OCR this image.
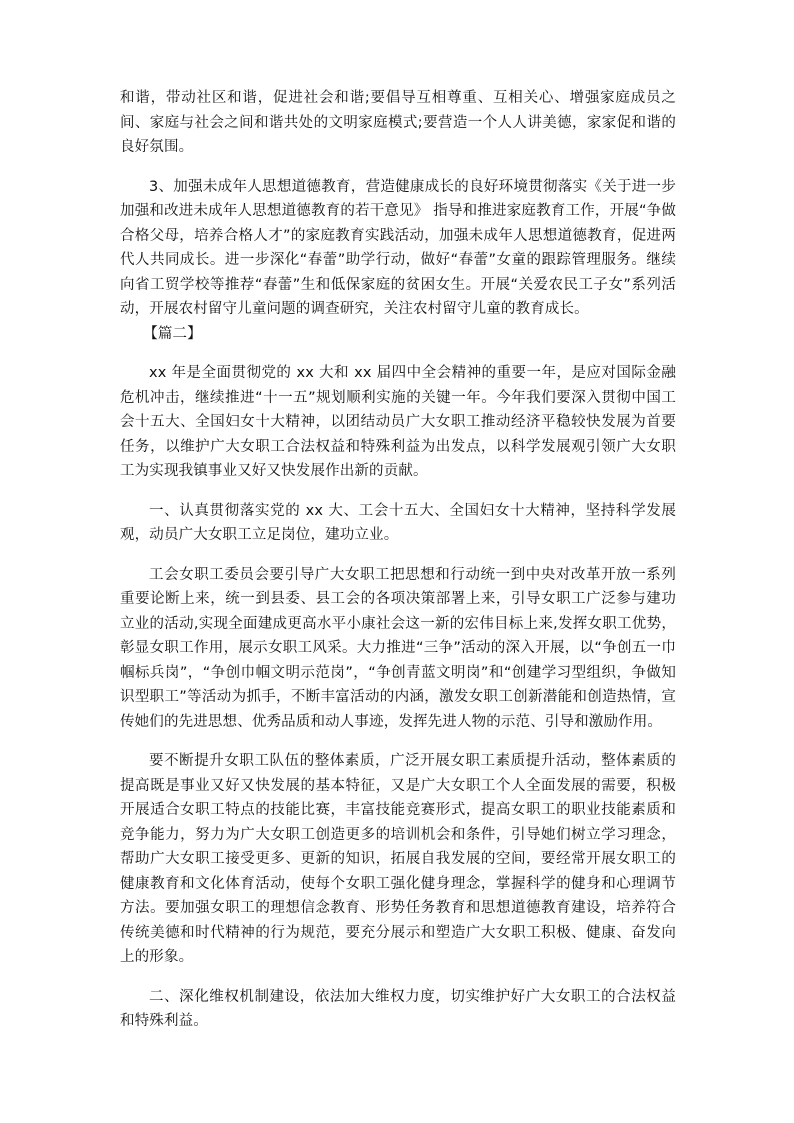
和谐，带动社区和谐，促进社会和谐;要倡导互相尊重、互相关心、增强家庭成员之间、家庭与社会之间和谐共处的文明家庭模式;要营造一个人人讲美德，家家促和谐的良好氛围。

3、加强未成年人思想道德教育，营造健康成长的良好环境贯彻落实《关于进一步加强和改进未成年人思想道德教育的若干意见》 指导和推进家庭教育工作，开展“争做合格父母，培养合格人才”的家庭教育实践活动，加强未成年人思想道德教育，促进两代人共同成长。进一步深化“春蕾”助学行动，做好“春蕾”女童的跟踪管理服务。继续向省工贸学校等推荐“春蕾”生和低保家庭的贫困女生。开展“关爱农民工子女”系列活动，开展农村留守儿童问题的调查研究，关注农村留守儿童的教育成长。

【篇二】

xx 年是全面贯彻党的 xx 大和 xx 届四中全会精神的重要一年，是应对国际金融危机冲击，继续推进“十一五”规划顺利实施的关键一年。今年我们要深入贯彻中国工会十五大、全国妇女十大精神，以团结动员广大女职工推动经济平稳较快发展为首要任务，以维护广大女职工合法权益和特殊利益为出发点，以科学发展观引领广大女职工为实现我镇事业又好又快发展作出新的贡献。

一、认真贯彻落实党的 xx 大、工会十五大、全国妇女十大精神，坚持科学发展观，动员广大女职工立足岗位，建功立业。

工会女职工委员会要引导广大女职工把思想和行动统一到中央对改革开放一系列重要论断上来，统一到县委、县工会的各项决策部署上来，引导女职工广泛参与建功立业的活动,实现全面建成更高水平小康社会这一新的宏伟目标上来,发挥女职工优势，彰显女职工作用，展示女职工风采。大力推进“三争”活动的深入开展，以“争创五一巾帼标兵岗”，“争创巾帼文明示范岗”，“争创青蓝文明岗”和“创建学习型组织，争做知识型职工”等活动为抓手，不断丰富活动的内涵，激发女职工创新潜能和创造热情，宣传她们的先进思想、优秀品质和动人事迹，发挥先进人物的示范、引导和激励作用。

要不断提升女职工队伍的整体素质，广泛开展女职工素质提升活动，整体素质的提高既是事业又好又快发展的基本特征，又是广大女职工个人全面发展的需要，积极开展适合女职工特点的技能比赛，丰富技能竞赛形式，提高女职工的职业技能素质和竞争能力，努力为广大女职工创造更多的培训机会和条件，引导她们树立学习理念，帮助广大女职工接受更多、更新的知识，拓展自我发展的空间，要经常开展女职工的健康教育和文化体育活动，使每个女职工强化健身理念，掌握科学的健身和心理调节方法。要加强女职工的理想信念教育、形势任务教育和思想道德教育建设，培养符合传统美德和时代精神的行为规范，要充分展示和塑造广大女职工积极、健康、奋发向上的形象。

二、深化维权机制建设，依法加大维权力度，切实维护好广大女职工的合法权益和特殊利益。
